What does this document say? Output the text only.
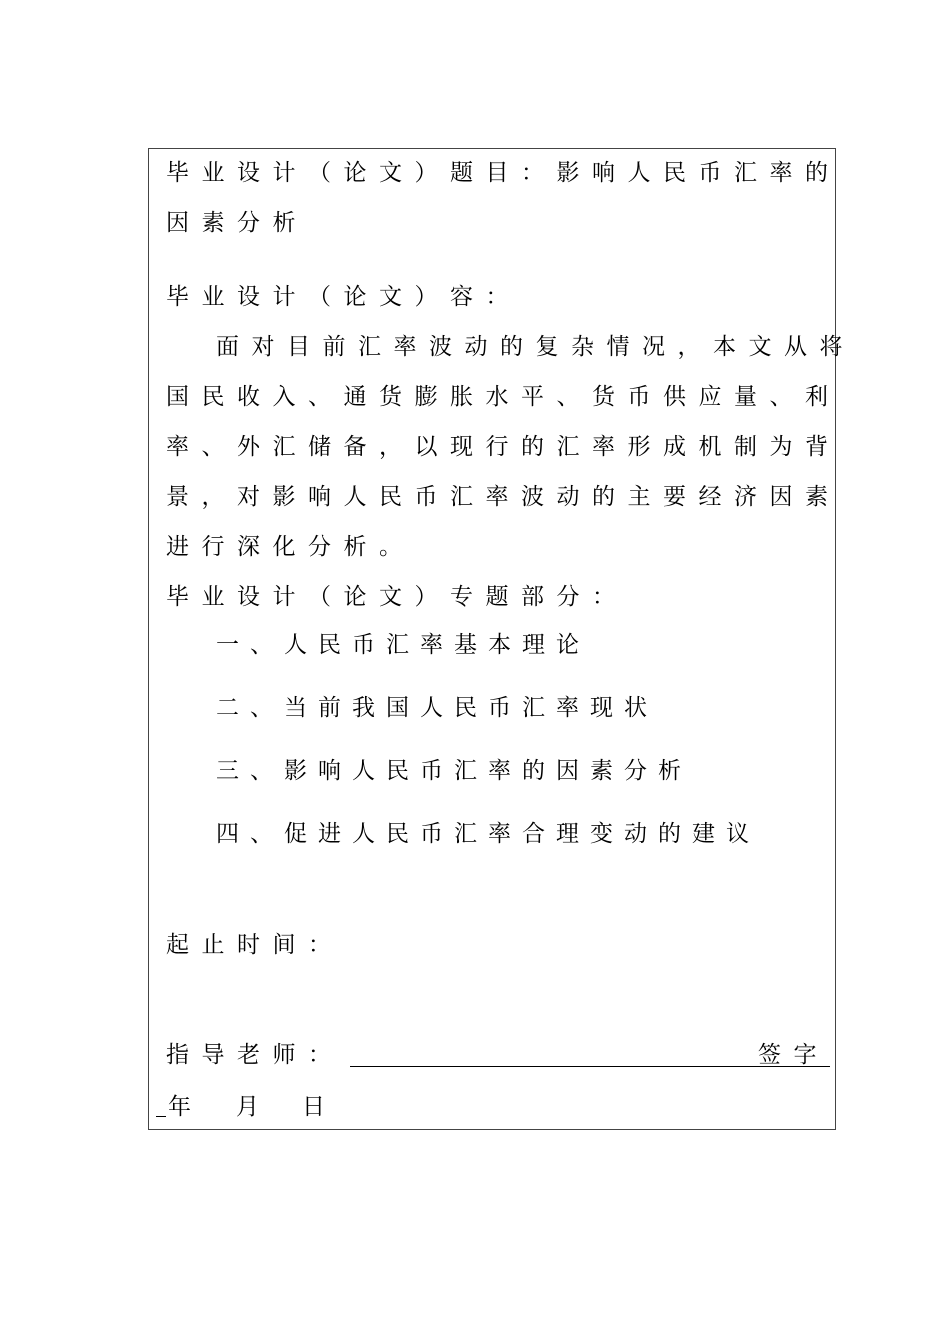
毕业设计（论文）题目：影响人民币汇率的
因素分析
毕业设计（论文）容：
面对目前汇率波动的复杂情况，本文从将
国民收入、通货膨胀水平、货币供应量、利
率、外汇储备，以现行的汇率形成机制为背
景，对影响人民币汇率波动的主要经济因素
进行深化分析。
毕业设计（论文）专题部分：
一、人民币汇率基本理论
二、当前我国人民币汇率现状
三、影响人民币汇率的因素分析
四、促进人民币汇率合理变动的建议
起止时间：
指导老师：	签字
年 月 日
